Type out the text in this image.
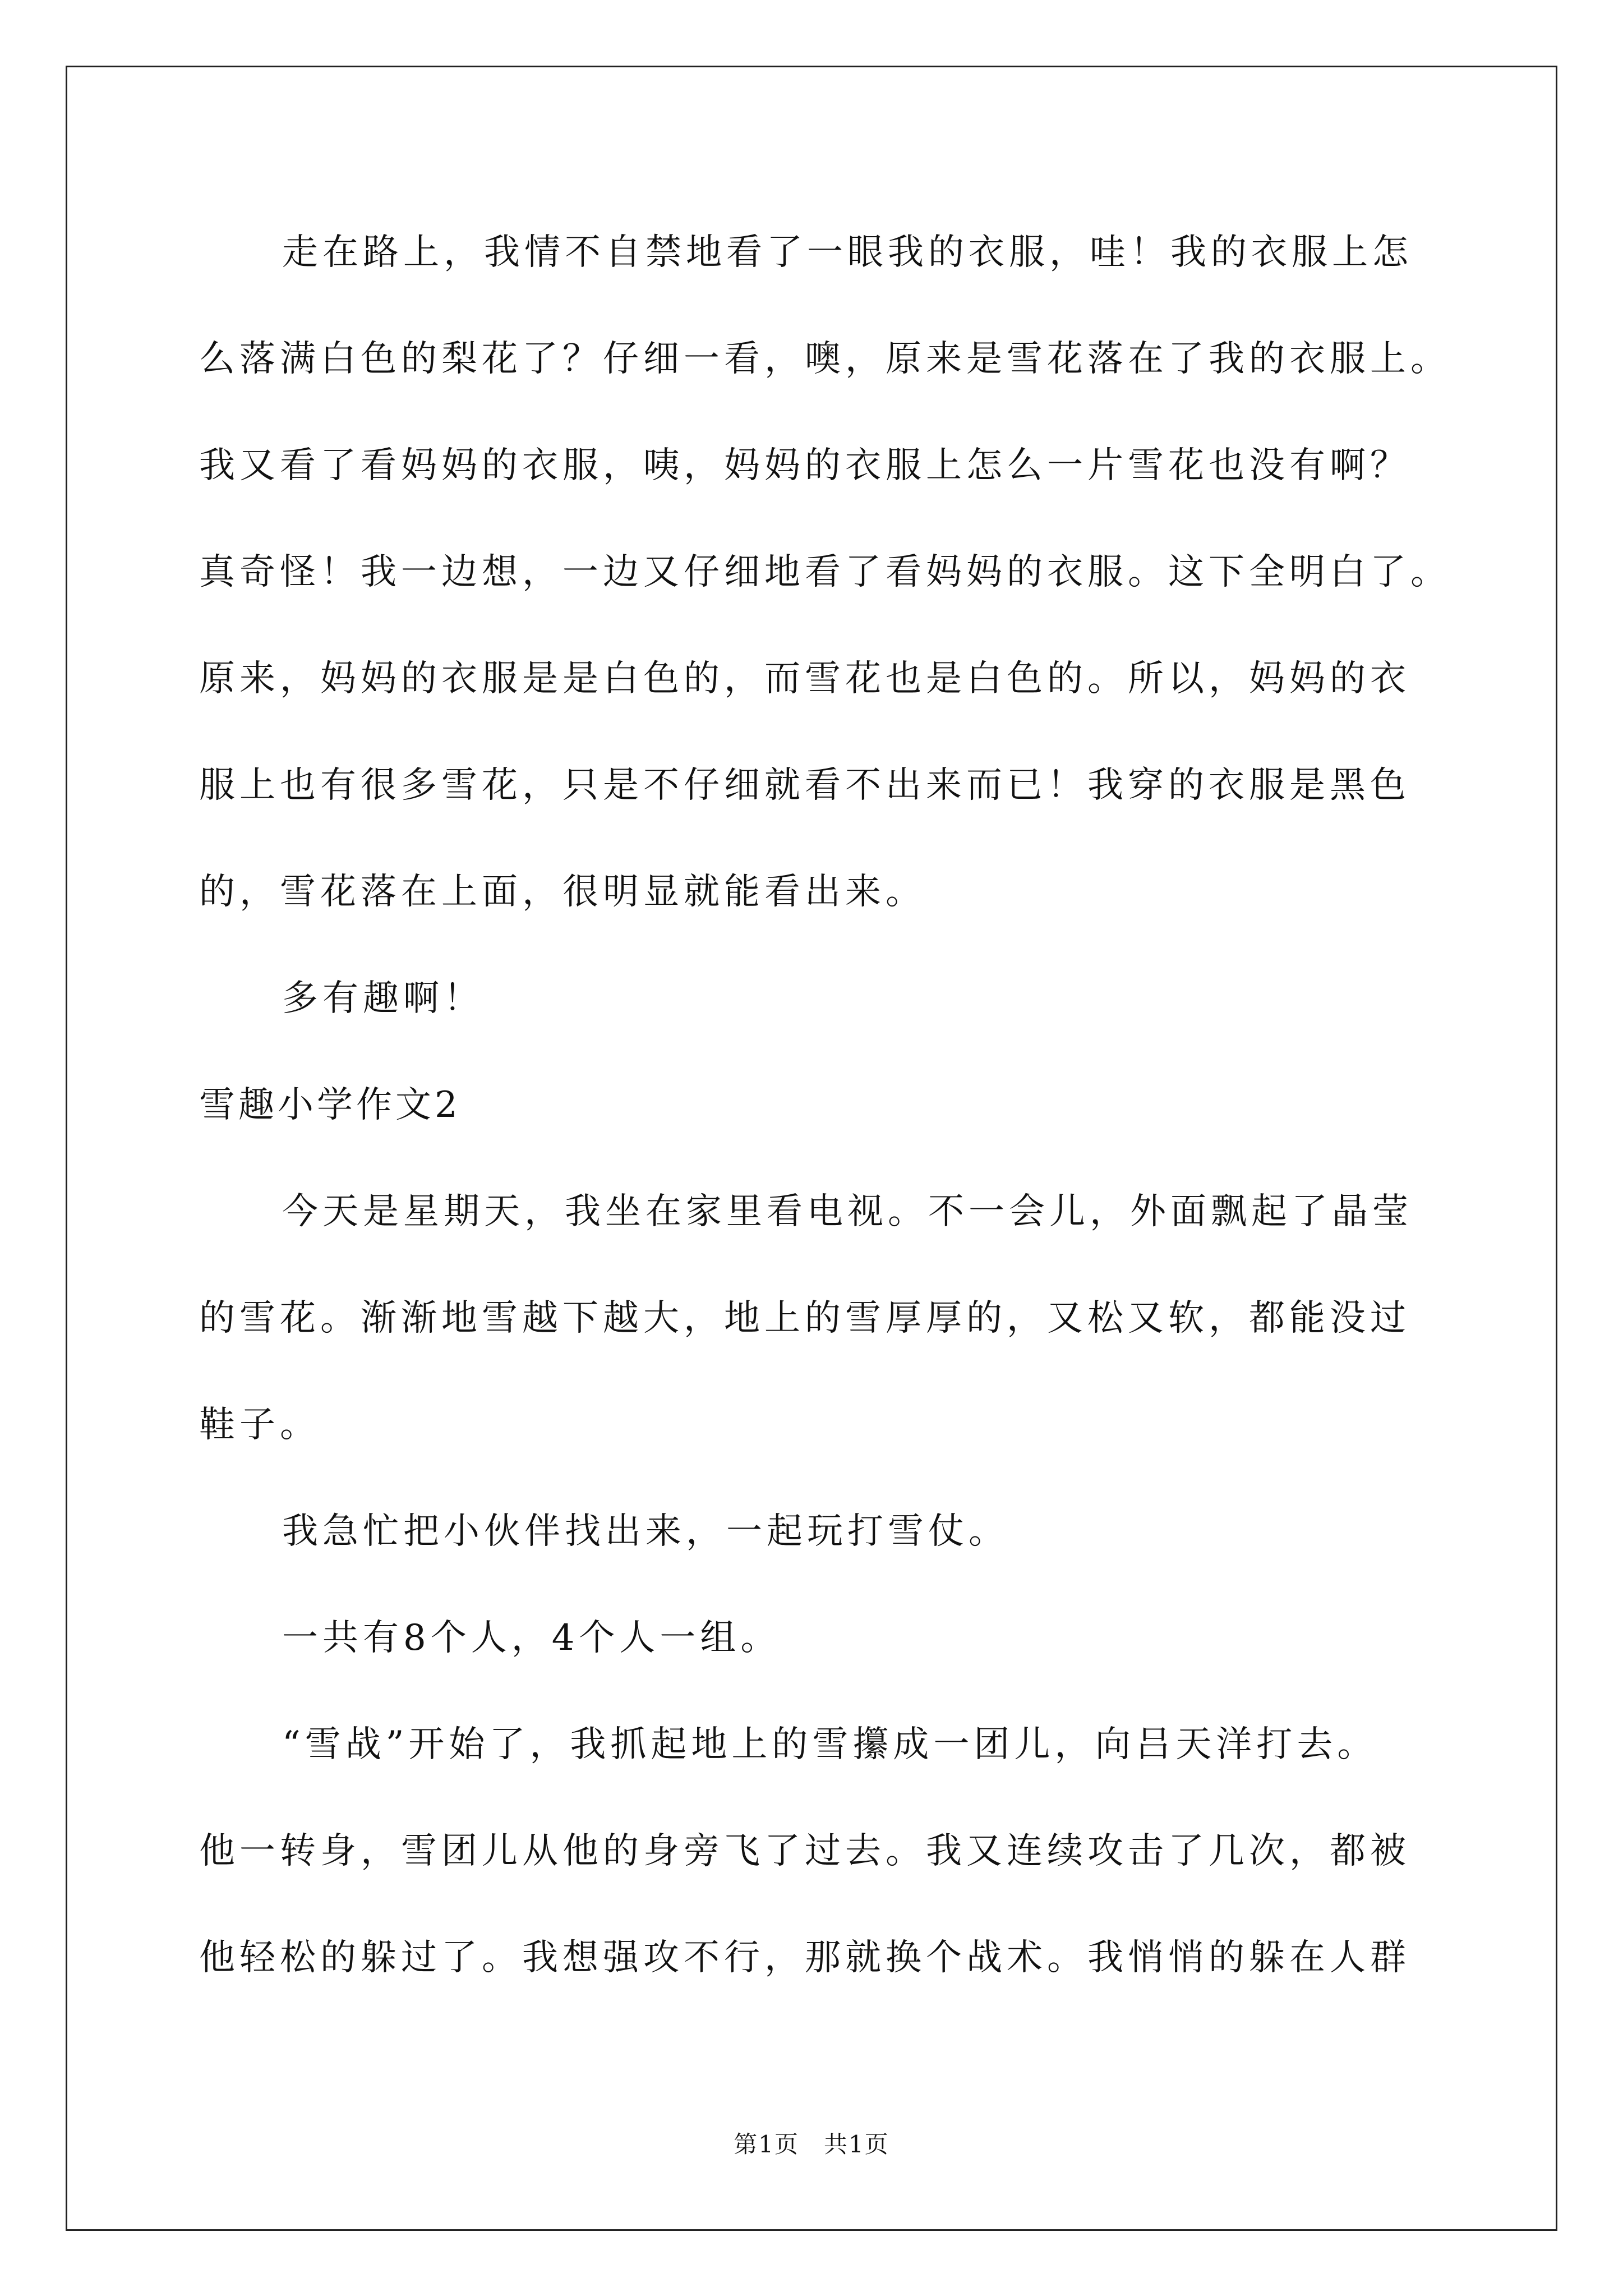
走在路上，我情不自禁地看了一眼我的衣服，哇！我的衣服上怎

么落满白色的梨花了？仔细一看，噢，原来是雪花落在了我的衣服上。

我又看了看妈妈的衣服，咦，妈妈的衣服上怎么一片雪花也没有啊？

真奇怪！我一边想，一边又仔细地看了看妈妈的衣服。这下全明白了。

原来，妈妈的衣服是是白色的，而雪花也是白色的。所以，妈妈的衣

服上也有很多雪花，只是不仔细就看不出来而已！我穿的衣服是黑色

的，雪花落在上面，很明显就能看出来。

多有趣啊！

雪趣小学作文2

今天是星期天，我坐在家里看电视。不一会儿，外面飘起了晶莹

的雪花。渐渐地雪越下越大，地上的雪厚厚的，又松又软，都能没过

鞋子。

我急忙把小伙伴找出来，一起玩打雪仗。

一共有8个人，4个人一组。

“雪战”开始了，我抓起地上的雪攥成一团儿，向吕天洋打去。

他一转身，雪团儿从他的身旁飞了过去。我又连续攻击了几次，都被

他轻松的躲过了。我想强攻不行，那就换个战术。我悄悄的躲在人群

第1页　共1页
